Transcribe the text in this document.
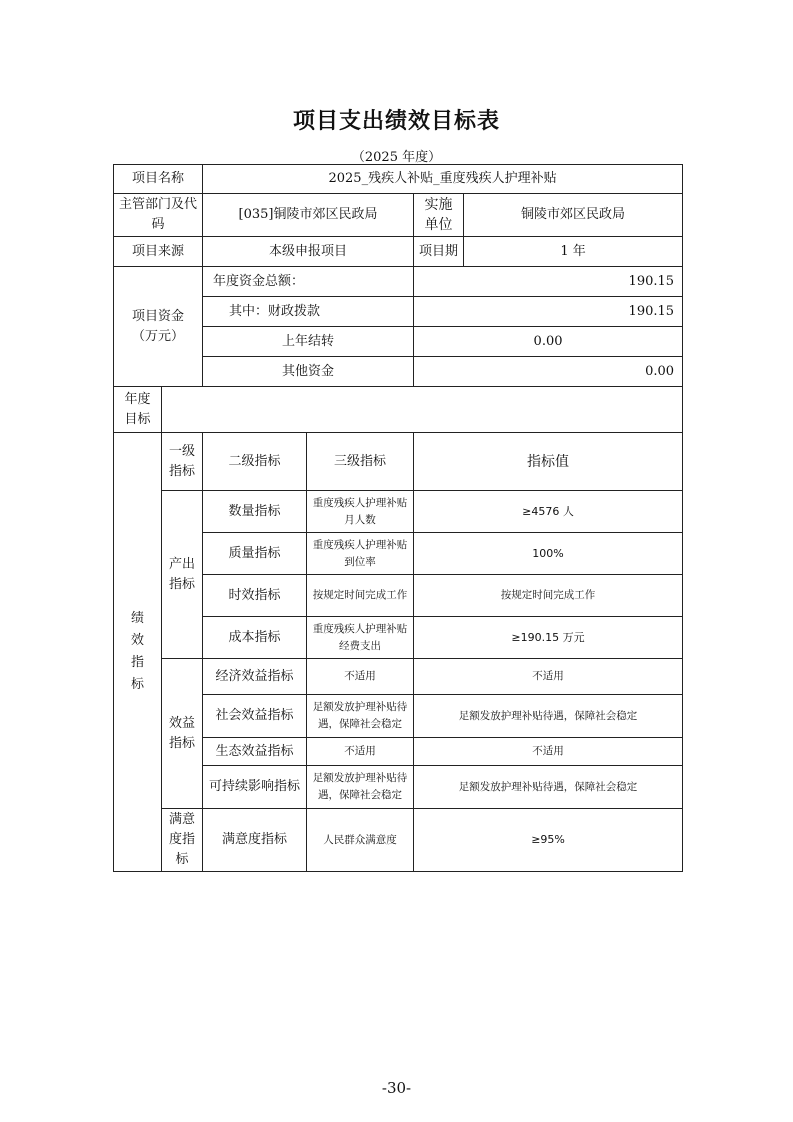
项目支出绩效目标表
（2025 年度）
项目名称		2025_残疾人补贴_重度残疾人护理补贴			
主管部门及代码		[035]铜陵市郊区民政局		实施单位	铜陵市郊区民政局
项目来源		本级申报项目		项目期	1 年
项目资金（万元）		年度资金总额：		190.15	
		其中：财政拨款		190.15	
		上年结转		0.00	
		其他资金		0.00	
年度目标					
绩效指标	一级指标	二级指标	三级指标	指标值	
	产出指标	数量指标	重度残疾人护理补贴月人数	≥4576 人	
		质量指标	重度残疾人护理补贴到位率	100%	
		时效指标	按规定时间完成工作	按规定时间完成工作	
		成本指标	重度残疾人护理补贴经费支出	≥190.15 万元	
	效益指标	经济效益指标	不适用	不适用	
		社会效益指标	足额发放护理补贴待遇，保障社会稳定	足额发放护理补贴待遇，保障社会稳定	
		生态效益指标	不适用	不适用	
		可持续影响指标	足额发放护理补贴待遇，保障社会稳定	足额发放护理补贴待遇，保障社会稳定	
	满意度指标	满意度指标	人民群众满意度	≥95%	
-30-
